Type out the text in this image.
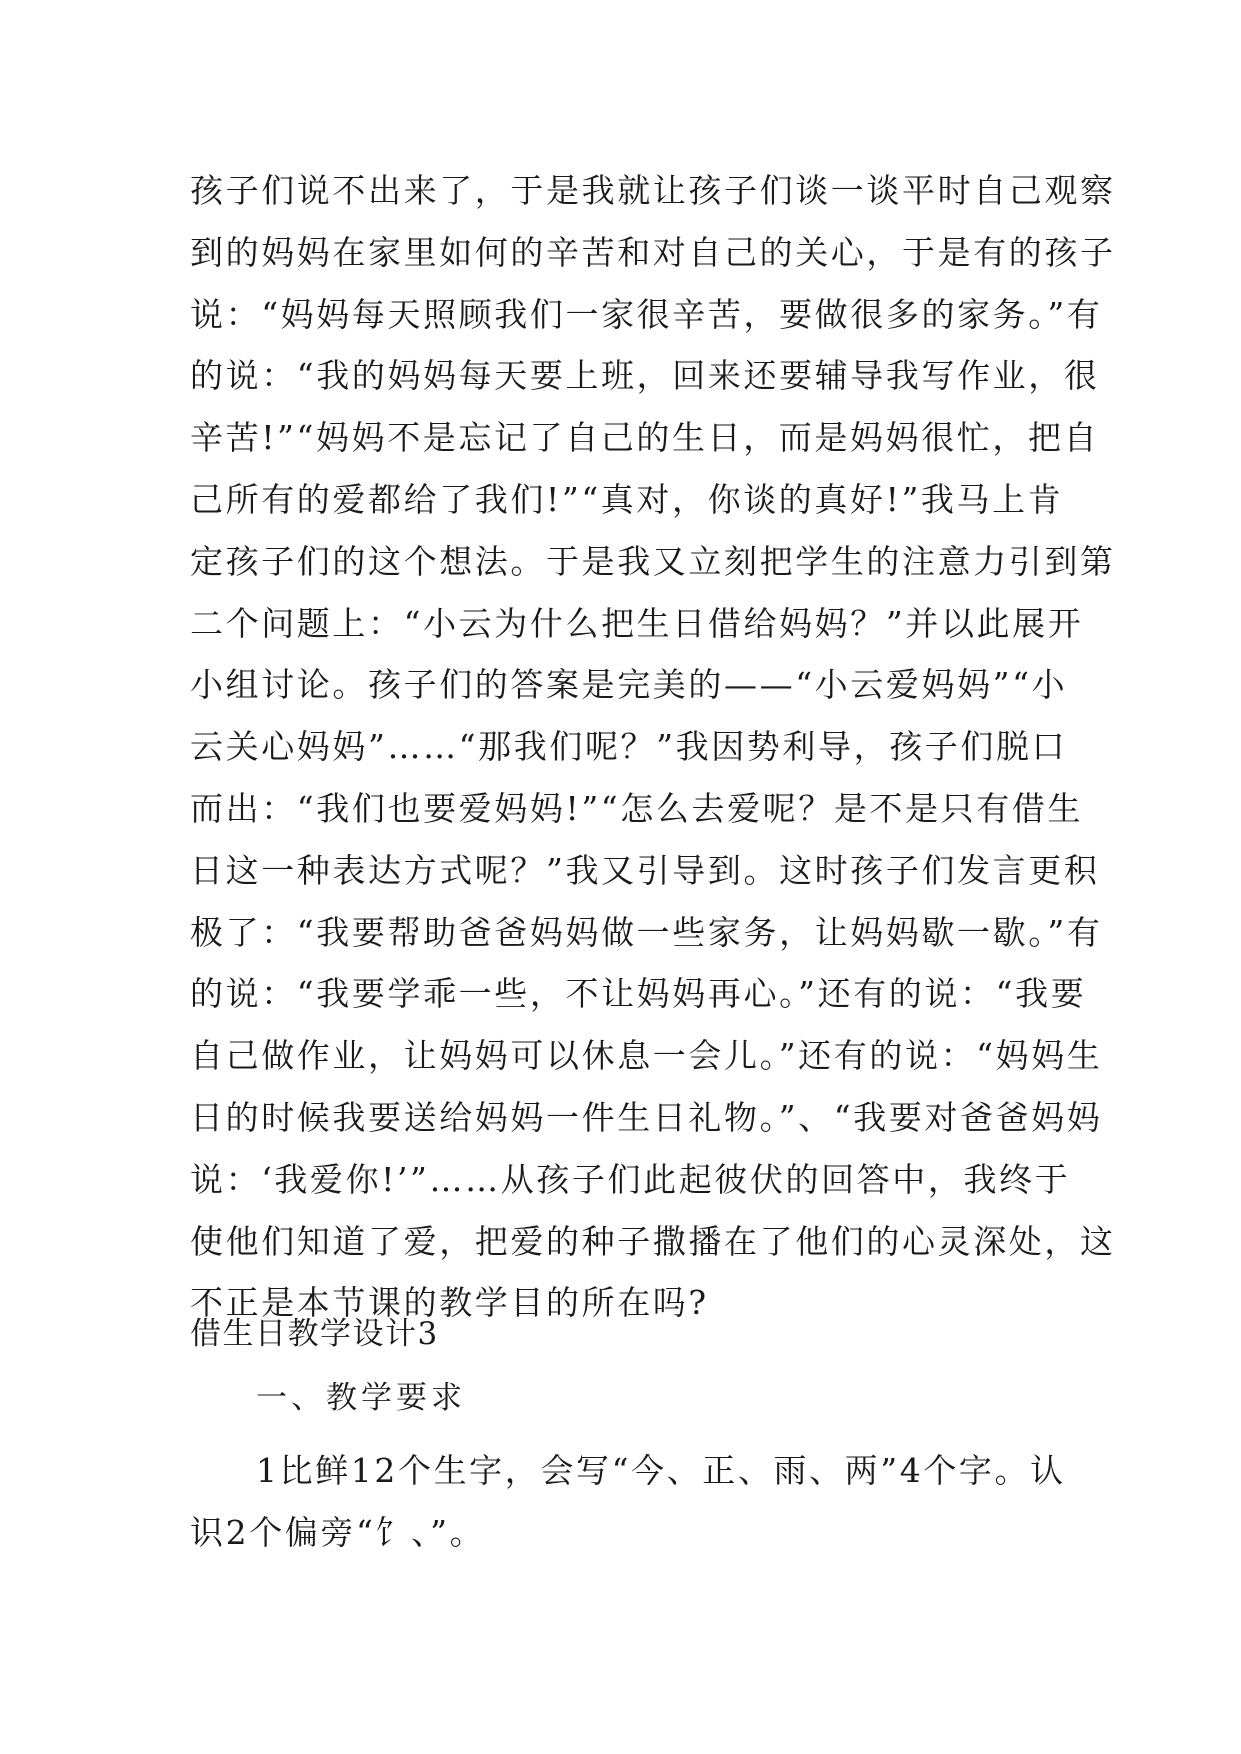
孩子们说不出来了，于是我就让孩子们谈一谈平时自己观察
到的妈妈在家里如何的辛苦和对自己的关心，于是有的孩子
说：“妈妈每天照顾我们一家很辛苦，要做很多的家务。”有
的说：“我的妈妈每天要上班，回来还要辅导我写作业，很
辛苦!”“妈妈不是忘记了自己的生日，而是妈妈很忙，把自
己所有的爱都给了我们!”“真对，你谈的真好!”我马上肯
定孩子们的这个想法。于是我又立刻把学生的注意力引到第
二个问题上：“小云为什么把生日借给妈妈？”并以此展开
小组讨论。孩子们的答案是完美的——“小云爱妈妈”“小
云关心妈妈”……“那我们呢？”我因势利导，孩子们脱口
而出：“我们也要爱妈妈!”“怎么去爱呢？是不是只有借生
日这一种表达方式呢？”我又引导到。这时孩子们发言更积
极了：“我要帮助爸爸妈妈做一些家务，让妈妈歇一歇。”有
的说：“我要学乖一些，不让妈妈再心。”还有的说：“我要
自己做作业，让妈妈可以休息一会儿。”还有的说：“妈妈生
日的时候我要送给妈妈一件生日礼物。”、“我要对爸爸妈妈
说：‘我爱你!’”……从孩子们此起彼伏的回答中，我终于
使他们知道了爱，把爱的种子撒播在了他们的心灵深处，这
不正是本节课的教学目的所在吗?
借生日教学设计3
一、教学要求
1比鲜12个生字，会写“今、正、雨、两”4个字。认
识2个偏旁“饣、”。
